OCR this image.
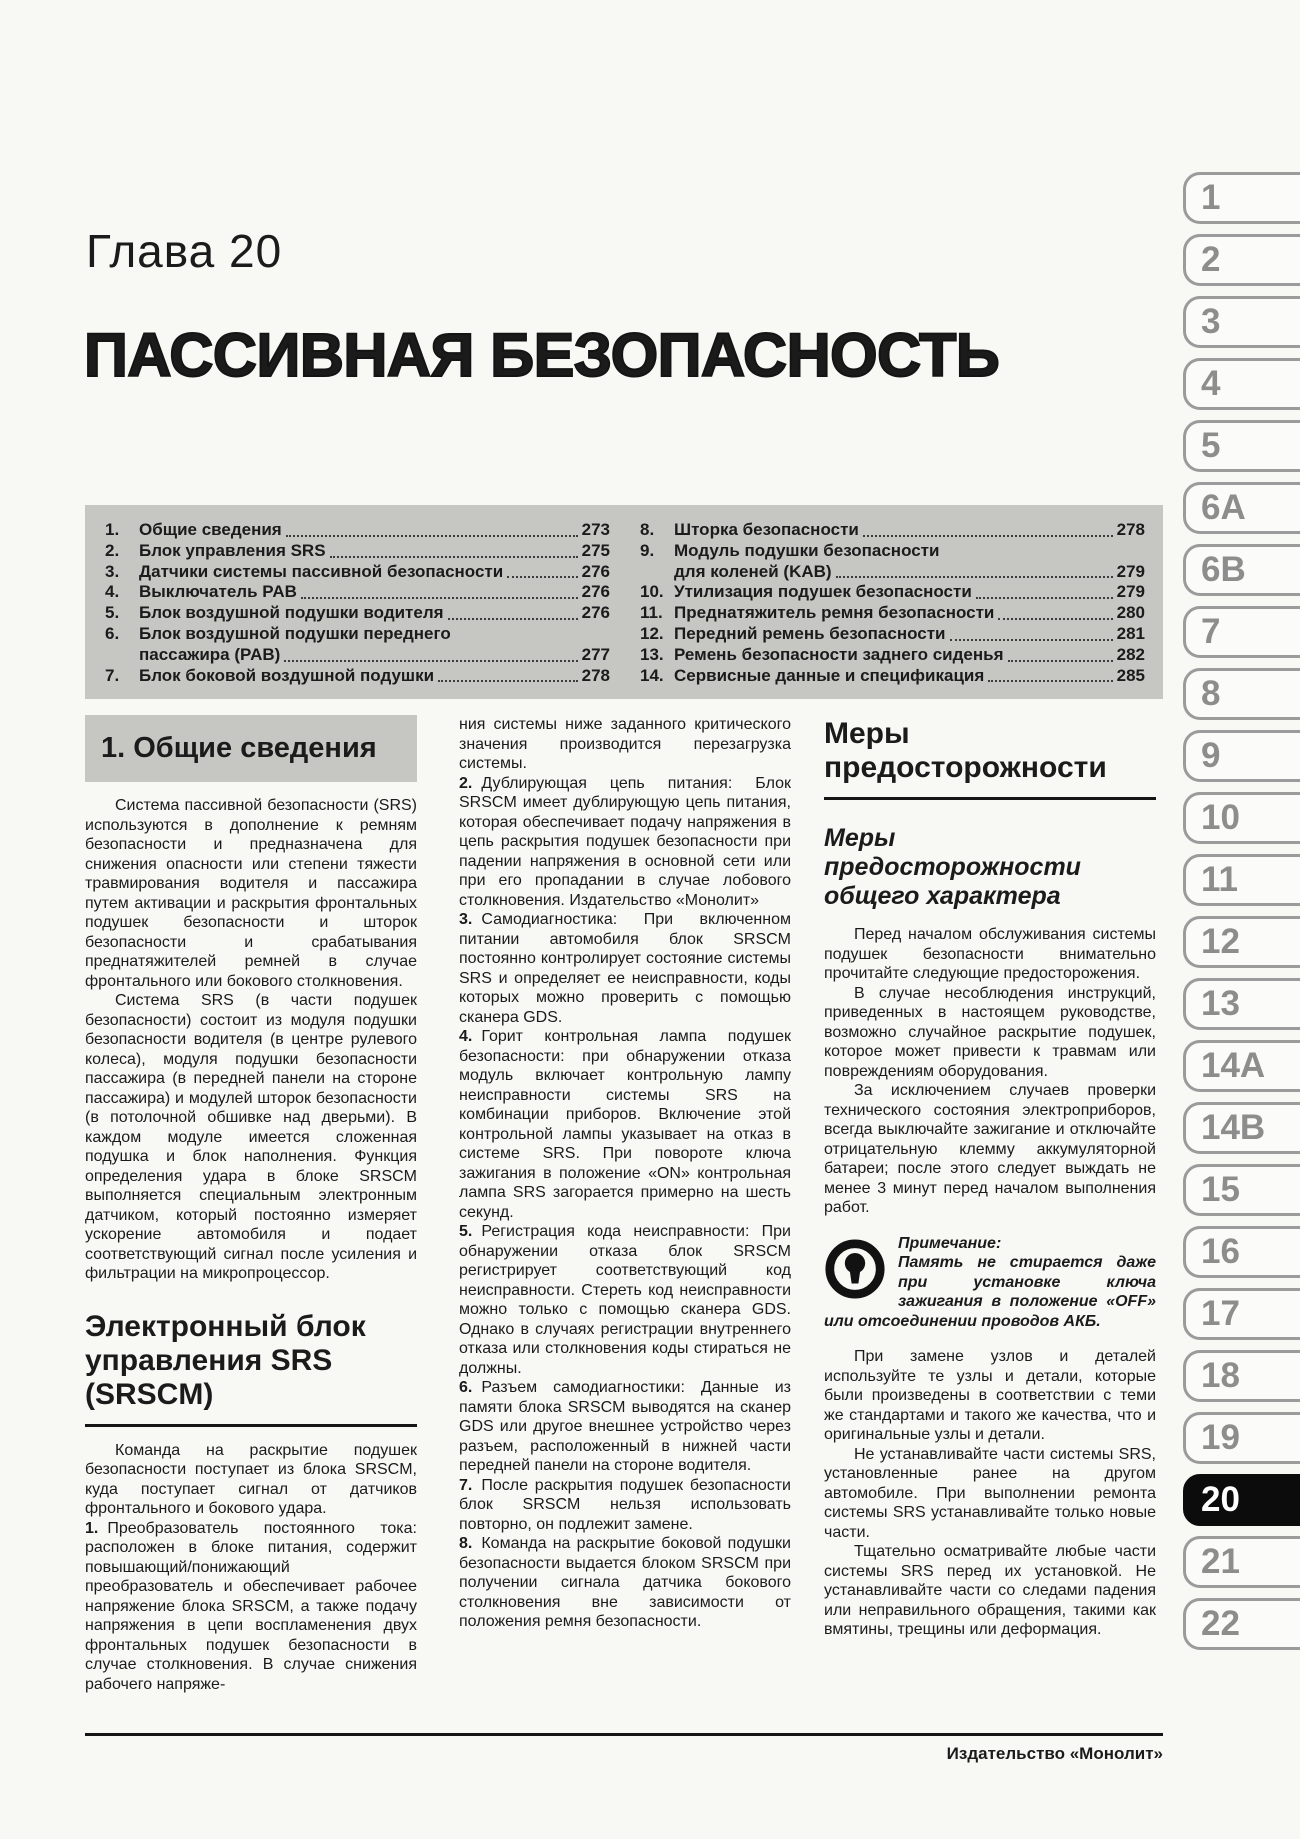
Глава 20
ПАССИВНАЯ БЕЗОПАСНОСТЬ
1.	Общие сведения	273
2.	Блок управления SRS	275
3.	Датчики системы пассивной безопасности	276
4.	Выключатель PAB	276
5.	Блок воздушной подушки водителя	276
6.	Блок воздушной подушки переднего
пассажира (PAB)	277
7.	Блок боковой воздушной подушки	278
8.	Шторка безопасности	278
9.	Модуль подушки безопасности
для коленей (KAB)	279
10. Утилизация подушек безопасности	279
11. Преднатяжитель ремня безопасности	280
12. Передний ремень безопасности	281
13. Ремень безопасности заднего сиденья	282
14. Сервисные данные и спецификация	285
1. Общие сведения

Система пассивной безопасности (SRS) используются в дополнение к ремням безопасности и предназначена для снижения опасности или степени тяжести травмирования водителя и пассажира путем активации и раскрытия фронтальных подушек безопасности и шторок безопасности и срабатывания преднатяжителей ремней в случае фронтального или бокового столкновения.

Система SRS (в части подушек безопасности) состоит из модуля подушки безопасности водителя (в центре рулевого колеса), модуля подушки безопасности пассажира (в передней панели на стороне пассажира) и модулей шторок безопасности (в потолочной обшивке над дверьми). В каждом модуле имеется сложенная подушка и блок наполнения. Функция определения удара в блоке SRSCM выполняется специальным электронным датчиком, который постоянно измеряет ускорение автомобиля и подает соответствующий сигнал после усиления и фильтрации на микропроцессор.

Электронный блок управления SRS (SRSCM)

Команда на раскрытие подушек безопасности поступает из блока SRSCM, куда поступает сигнал от датчиков фронтального и бокового удара.

1. Преобразователь постоянного тока: расположен в блоке питания, содержит повышающий/понижающий преобразователь и обеспечивает рабочее напряжение блока SRSCM, а также подачу напряжения в цепи воспламенения двух фронтальных подушек безопасности в случае столкновения. В случае снижения рабочего напряже-

ния системы ниже заданного критического значения производится перезагрузка системы.

2. Дублирующая цепь питания: Блок SRSCM имеет дублирующую цепь питания, которая обеспечивает подачу напряжения в цепь раскрытия подушек безопасности при падении напряжения в основной сети или при его пропадании в случае лобового столкновения. Издательство «Монолит»

3. Самодиагностика: При включенном питании автомобиля блок SRSCM постоянно контролирует состояние системы SRS и определяет ее неисправности, коды которых можно проверить с помощью сканера GDS.

4. Горит контрольная лампа подушек безопасности: при обнаружении отказа модуль включает контрольную лампу неисправности системы SRS на комбинации приборов. Включение этой контрольной лампы указывает на отказ в системе SRS. При повороте ключа зажигания в положение «ON» контрольная лампа SRS загорается примерно на шесть секунд.

5. Регистрация кода неисправности: При обнаружении отказа блок SRSCM регистрирует соответствующий код неисправности. Стереть код неисправности можно только с помощью сканера GDS. Однако в случаях регистрации внутреннего отказа или столкновения коды стираться не должны.

6. Разъем самодиагностики: Данные из памяти блока SRSCM выводятся на сканер GDS или другое внешнее устройство через разъем, расположенный в нижней части передней панели на стороне водителя.

7. После раскрытия подушек безопасности блок SRSCM нельзя использовать повторно, он подлежит замене.

8. Команда на раскрытие боковой подушки безопасности выдается блоком SRSCM при получении сигнала датчика бокового столкновения вне зависимости от положения ремня безопасности.

Меры предосторожности
Меры предосторожности общего характера

Перед началом обслуживания системы подушек безопасности внимательно прочитайте следующие предосторожения.

В случае несоблюдения инструкций, приведенных в настоящем руководстве, возможно случайное раскрытие подушек, которое может привести к травмам или повреждениям оборудования.

За исключением случаев проверки технического состояния электроприборов, всегда выключайте зажигание и отключайте отрицательную клемму аккумуляторной батареи; после этого следует выждать не менее 3 минут перед началом выполнения работ.

Примечание:

Память не стирается даже при установке ключа зажигания в положение «OFF» или отсоединении проводов АКБ.

При замене узлов и деталей используйте те узлы и детали, которые были произведены в соответствии с теми же стандартами и такого же качества, что и оригинальные узлы и детали.

Не устанавливайте части системы SRS, установленные ранее на другом автомобиле. При выполнении ремонта системы SRS устанавливайте только новые части.

Тщательно осматривайте любые части системы SRS перед их установкой. Не устанавливайте части со следами падения или неправильного обращения, такими как вмятины, трещины или деформация.

Издательство «Монолит»
1
2
3
4
5
6A
6B
7
8
9
10
11
12
13
14A
14B
15
16
17
18
19
20
21
22
